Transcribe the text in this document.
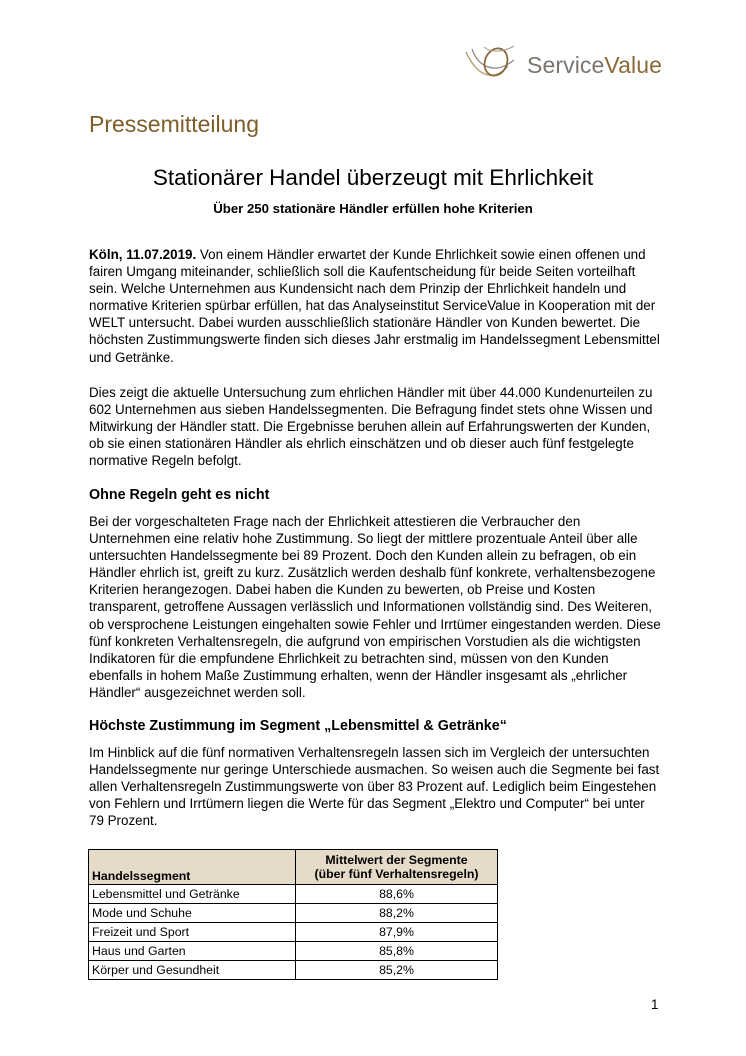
ServiceValue
Pressemitteilung
Stationärer Handel überzeugt mit Ehrlichkeit
Über 250 stationäre Händler erfüllen hohe Kriterien

Köln, 11.07.2019. Von einem Händler erwartet der Kunde Ehrlichkeit sowie einen offenen und fairen Umgang miteinander, schließlich soll die Kaufentscheidung für beide Seiten vorteilhaft sein. Welche Unternehmen aus Kundensicht nach dem Prinzip der Ehrlichkeit handeln und normative Kriterien spürbar erfüllen, hat das Analyseinstitut ServiceValue in Kooperation mit der WELT untersucht. Dabei wurden ausschließlich stationäre Händler von Kunden bewertet. Die höchsten Zustimmungswerte finden sich dieses Jahr erstmalig im Handelssegment Lebensmittel und Getränke.

Dies zeigt die aktuelle Untersuchung zum ehrlichen Händler mit über 44.000 Kundenurteilen zu 602 Unternehmen aus sieben Handelssegmenten. Die Befragung findet stets ohne Wissen und Mitwirkung der Händler statt. Die Ergebnisse beruhen allein auf Erfahrungswerten der Kunden, ob sie einen stationären Händler als ehrlich einschätzen und ob dieser auch fünf festgelegte normative Regeln befolgt.

Ohne Regeln geht es nicht

Bei der vorgeschalteten Frage nach der Ehrlichkeit attestieren die Verbraucher den Unternehmen eine relativ hohe Zustimmung. So liegt der mittlere prozentuale Anteil über alle untersuchten Handelssegmente bei 89 Prozent. Doch den Kunden allein zu befragen, ob ein Händler ehrlich ist, greift zu kurz. Zusätzlich werden deshalb fünf konkrete, verhaltensbezogene Kriterien herangezogen. Dabei haben die Kunden zu bewerten, ob Preise und Kosten transparent, getroffene Aussagen verlässlich und Informationen vollständig sind. Des Weiteren, ob versprochene Leistungen eingehalten sowie Fehler und Irrtümer eingestanden werden. Diese fünf konkreten Verhaltensregeln, die aufgrund von empirischen Vorstudien als die wichtigsten Indikatoren für die empfundene Ehrlichkeit zu betrachten sind, müssen von den Kunden ebenfalls in hohem Maße Zustimmung erhalten, wenn der Händler insgesamt als „ehrlicher Händler“ ausgezeichnet werden soll.

Höchste Zustimmung im Segment „Lebensmittel & Getränke“

Im Hinblick auf die fünf normativen Verhaltensregeln lassen sich im Vergleich der untersuchten Handelssegmente nur geringe Unterschiede ausmachen. So weisen auch die Segmente bei fast allen Verhaltensregeln Zustimmungswerte von über 83 Prozent auf. Lediglich beim Eingestehen von Fehlern und Irrtümern liegen die Werte für das Segment „Elektro und Computer“ bei unter 79 Prozent.

Handelssegment	Mittelwert der Segmente
(über fünf Verhaltensregeln)
Lebensmittel und Getränke	88,6%
Mode und Schuhe	88,2%
Freizeit und Sport	87,9%
Haus und Garten	85,8%
Körper und Gesundheit	85,2%
1
